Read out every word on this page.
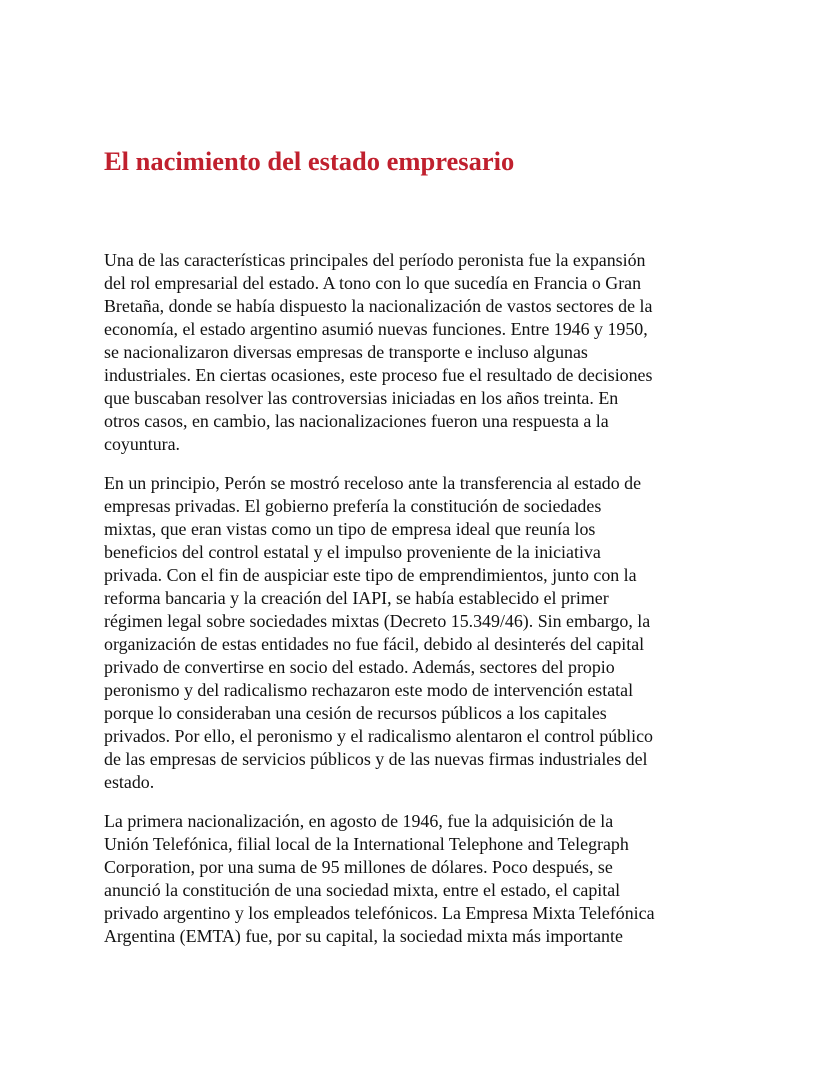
El nacimiento del estado empresario

Una de las características principales del período peronista fue la expansión
del rol empresarial del estado. A tono con lo que sucedía en Francia o Gran
Bretaña, donde se había dispuesto la nacionalización de vastos sectores de la
economía, el estado argentino asumió nuevas funciones. Entre 1946 y 1950,
se nacionalizaron diversas empresas de transporte e incluso algunas
industriales. En ciertas ocasiones, este proceso fue el resultado de decisiones
que buscaban resolver las controversias iniciadas en los años treinta. En
otros casos, en cambio, las nacionalizaciones fueron una respuesta a la
coyuntura.

En un principio, Perón se mostró receloso ante la transferencia al estado de
empresas privadas. El gobierno prefería la constitución de sociedades
mixtas, que eran vistas como un tipo de empresa ideal que reunía los
beneficios del control estatal y el impulso proveniente de la iniciativa
privada. Con el fin de auspiciar este tipo de emprendimientos, junto con la
reforma bancaria y la creación del IAPI, se había establecido el primer
régimen legal sobre sociedades mixtas (Decreto 15.349/46). Sin embargo, la
organización de estas entidades no fue fácil, debido al desinterés del capital
privado de convertirse en socio del estado. Además, sectores del propio
peronismo y del radicalismo rechazaron este modo de intervención estatal
porque lo consideraban una cesión de recursos públicos a los capitales
privados. Por ello, el peronismo y el radicalismo alentaron el control público
de las empresas de servicios públicos y de las nuevas firmas industriales del
estado.

La primera nacionalización, en agosto de 1946, fue la adquisición de la
Unión Telefónica, filial local de la International Telephone and Telegraph
Corporation, por una suma de 95 millones de dólares. Poco después, se
anunció la constitución de una sociedad mixta, entre el estado, el capital
privado argentino y los empleados telefónicos. La Empresa Mixta Telefónica
Argentina (EMTA) fue, por su capital, la sociedad mixta más importante
